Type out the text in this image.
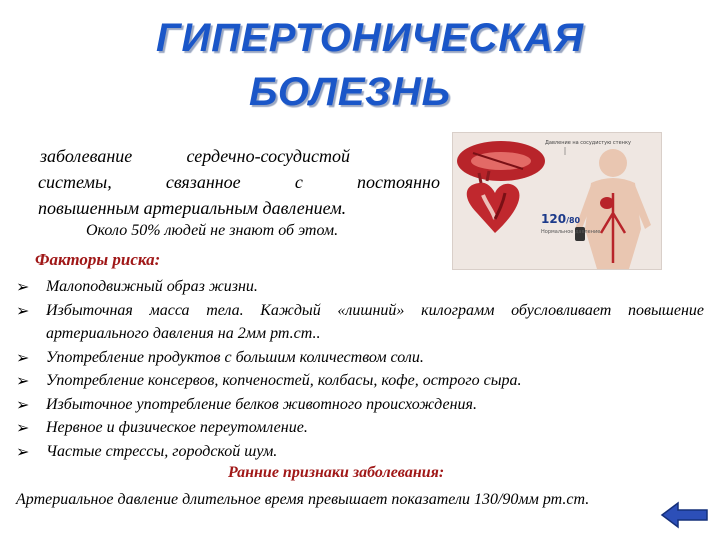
ГИПЕРТОНИЧЕСКАЯ
БОЛЕЗНЬ
заболевание	сердечно-сосудистой
системы,	связанное	с	постоянно
повышенным артериальным давлением.
Около 50% людей не знают об этом.
Давление на сосудистую стенку
120/80
Нормальное давление
Факторы риска:
➢ Малоподвижный образ жизни.
➢ Избыточная масса тела. Каждый «лишний» килограмм обусловливает повышение артериального давления на 2мм рт.ст..
➢ Употребление продуктов с большим количеством соли.
➢ Употребление консервов, копченостей, колбасы, кофе, острого сыра.
➢ Избыточное употребление белков животного происхождения.
➢ Нервное и физическое переутомление.
➢ Частые стрессы, городской шум.
Ранние признаки заболевания:
Артериальное давление длительное время превышает показатели 130/90мм рт.ст.
